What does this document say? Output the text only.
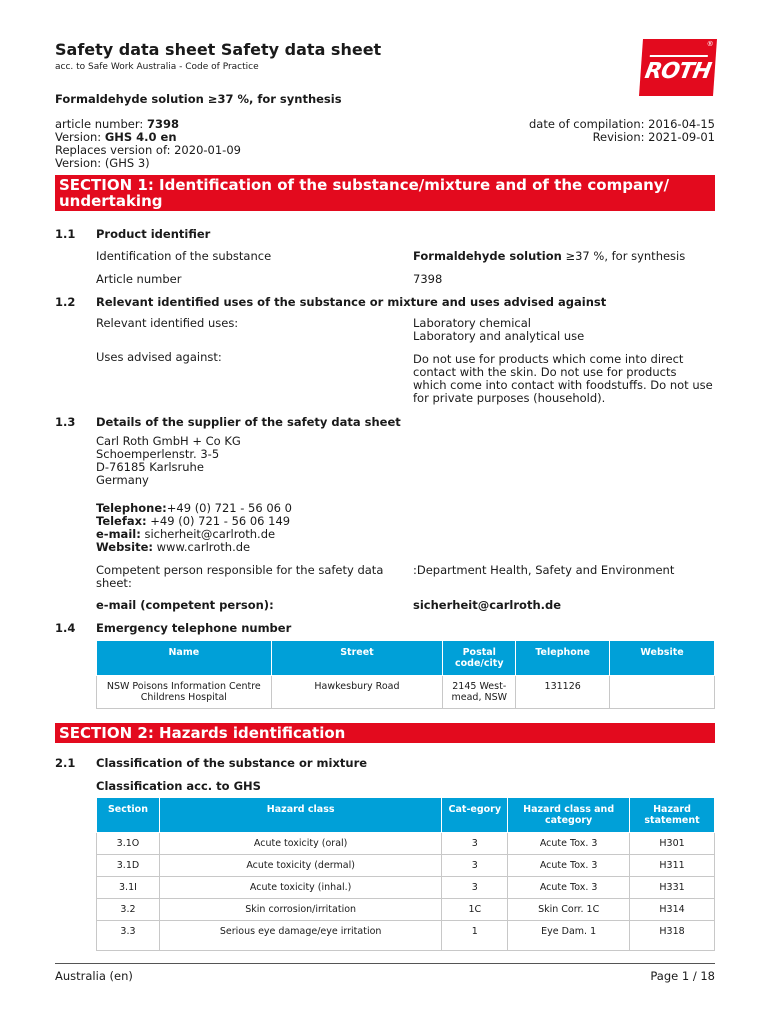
Safety data sheet Safety data sheet
acc. to Safe Work Australia - Code of Practice
®
ROTH
Formaldehyde solution ≥37 %, for synthesis
article number: 7398
Version: GHS 4.0 en
Replaces version of: 2020-01-09
Version: (GHS 3)
date of compilation: 2016-04-15
Revision: 2021-09-01
SECTION 1: Identification of the substance/mixture and of the company/ undertaking
1.1 Product identifier
Identification of the substance	Formaldehyde solution ≥37 %, for synthesis
Article number	7398
1.2 Relevant identified uses of the substance or mixture and uses advised against
Relevant identified uses:	Laboratory chemical
Laboratory and analytical use
Uses advised against:	Do not use for products which come into direct contact with the skin. Do not use for products which come into contact with foodstuffs. Do not use for private purposes (household).
1.3 Details of the supplier of the safety data sheet
Carl Roth GmbH + Co KG
Schoemperlenstr. 3-5
D-76185 Karlsruhe
Germany
Telephone:+49 (0) 721 - 56 06 0
Telefax: +49 (0) 721 - 56 06 149
e-mail: sicherheit@carlroth.de
Website: www.carlroth.de
Competent person responsible for the safety data sheet:
:Department Health, Safety and Environment
e-mail (competent person):	sicherheit@carlroth.de
1.4 Emergency telephone number
Name	Street	Postal code/city	Telephone	Website
NSW Poisons Information Centre Childrens Hospital	Hawkesbury Road	2145 West-mead, NSW	131126	
SECTION 2: Hazards identification
2.1 Classification of the substance or mixture
Classification acc. to GHS
Section	Hazard class	Cat-egory	Hazard class and category	Hazard statement
3.1O	Acute toxicity (oral)	3	Acute Tox. 3	H301
3.1D	Acute toxicity (dermal)	3	Acute Tox. 3	H311
3.1I	Acute toxicity (inhal.)	3	Acute Tox. 3	H331
3.2	Skin corrosion/irritation	1C	Skin Corr. 1C	H314
3.3	Serious eye damage/eye irritation	1	Eye Dam. 1	H318
Australia (en)	Page 1 / 18
